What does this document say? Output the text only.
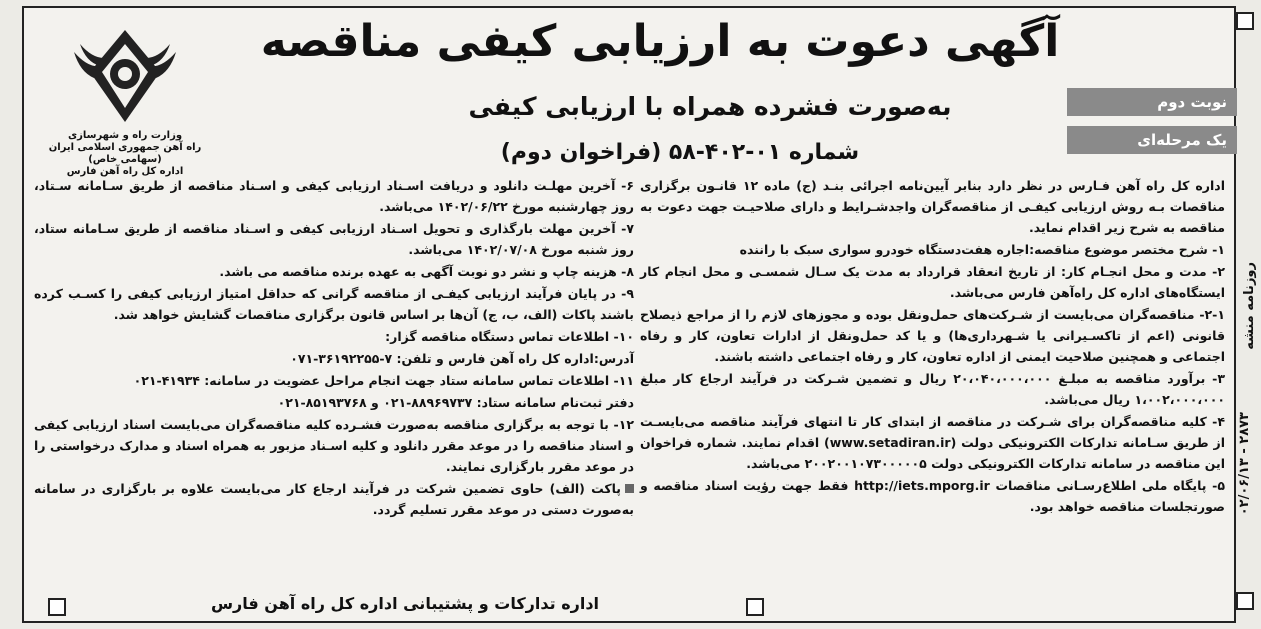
روزنامه منشه
۰۲/۰۶/۱۳ - ۲۸۷۳
وزارت راه و شهرسازی
راه آهن جمهوری اسلامی ایران (سهامی خاص)
اداره کل راه آهن فارس
آگهی دعوت به ارزیابی کیفی مناقصه
به‌صورت فشرده همراه با ارزیابی کیفی
شماره ۰۱-۴۰۲-۵۸ (فراخوان دوم)
نوبت دوم
یک مرحله‌ای

اداره کل راه آهن فـارس در نظر دارد بنابر آیین‌نامه اجرائی بنـد (ج) ماده ۱۲ قانـون برگزاری مناقصات بـه روش ارزیابی کیفـی از مناقصه‌گران واجدشـرایط و دارای صلاحیـت جهت دعوت به مناقصه به شرح زیر اقدام نماید.

۱- شرح مختصر موضوع مناقصه:اجاره هفت‌دستگاه خودرو سواری سبک با راننده

۲- مدت و محل انجـام کار: از تاریخ انعقاد قرارداد به مدت یک سـال شمسـی و محل انجام کار ایستگاه‌های اداره کل راه‌آهن فارس می‌باشد.

۲-۱- مناقصه‌گران می‌بایست از شـرکت‌های حمل‌ونقل بوده و مجوزهای لازم را از مراجع ذیصلاح قانونی (اعم از تاکسـیرانی یا شـهرداری‌ها) و یا کد حمل‌ونقل از ادارات تعاون، کار و رفاه اجتماعی و همچنین صلاحیت ایمنی از اداره تعاون، کار و رفاه اجتماعی داشته باشند.

۳- برآورد مناقصه به مبلـغ ۲۰،۰۴۰،۰۰۰،۰۰۰ ریال و تضمین شـرکت در فرآیند ارجاع کار مبلغ ۱،۰۰۲،۰۰۰،۰۰۰ ریال می‌باشد.

۴- کلیه مناقصه‌گران برای شـرکت در مناقصه از ابتدای کار تا انتهای فرآیند مناقصه می‌بایسـت از طریق سـامانه تدارکات الکترونیکی دولت (www.setadiran.ir) اقدام نمایند. شماره فراخوان این مناقصه در سامانه تدارکات الکترونیکی دولت ۲۰۰۲۰۰۱۰۷۳۰۰۰۰۰۵ می‌باشد.

۵- پایگاه ملی اطلاع‌رسـانی مناقصات http://iets.mporg.ir فقط جهت رؤیت اسناد مناقصه و صورتجلسات مناقصه خواهد بود.

۶- آخرین مهلـت دانلود و دریافت اسـناد ارزیابی کیفی و اسـناد مناقصه از طریق سـامانه سـتاد، روز چهارشنبه مورخ ۱۴۰۲/۰۶/۲۲ می‌باشد.

۷- آخرین مهلت بارگذاری و تحویل اسـناد ارزیابی کیفی و اسـناد مناقصه از طریق سـامانه ستاد، روز شنبه مورخ ۱۴۰۲/۰۷/۰۸ می‌باشد.

۸- هزینه چاپ و نشر دو نوبت آگهی به عهده برنده مناقصه می باشد.

۹- در پایان فرآیند ارزیابی کیفـی از مناقصه گرانی که حداقل امتیاز ارزیابی کیفی را کسـب کرده باشند پاکات (الف، ب، ج) آن‌ها بر اساس قانون برگزاری مناقصات گشایش خواهد شد.

۱۰- اطلاعات تماس دستگاه مناقصه گزار:

آدرس:اداره کل راه آهن فارس و تلفن: ۷-۳۶۱۹۲۲۵۵-۰۷۱

۱۱- اطلاعات تماس سامانه ستاد جهت انجام مراحل عضویت در سامانه: ۴۱۹۳۴-۰۲۱

دفتر ثبت‌نام سامانه ستاد: ۸۸۹۶۹۷۳۷-۰۲۱ و ۸۵۱۹۳۷۶۸-۰۲۱

۱۲- با توجه به برگزاری مناقصه به‌صورت فشـرده کلیه مناقصه‌گران می‌بایست اسناد ارزیابی کیفی و اسناد مناقصه را در موعد مقرر دانلود و کلیه اسـناد مزبور به همراه اسناد و مدارک درخواستی را در موعد مقرر بارگزاری نمایند.

پاکت (الف) حاوی تضمین شرکت در فرآیند ارجاع کار می‌بایست علاوه بر بارگزاری در سامانه به‌صورت دستی در موعد مقرر تسلیم گردد.

اداره تدارکات و پشتیبانی اداره کل راه آهن فارس
